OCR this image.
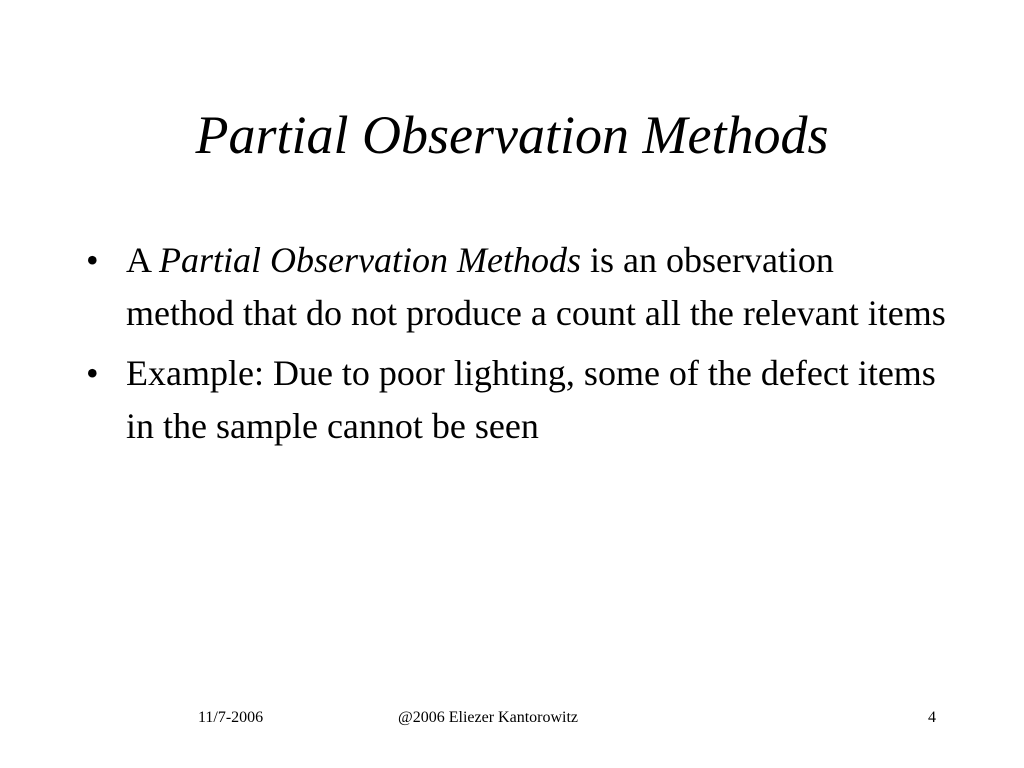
Partial Observation Methods
• A Partial Observation Methods is an observation method that do not produce a count all the relevant items
• Example: Due to poor lighting, some of the defect items in the sample cannot be seen
11/7-2006	@2006 Eliezer Kantorowitz	4
